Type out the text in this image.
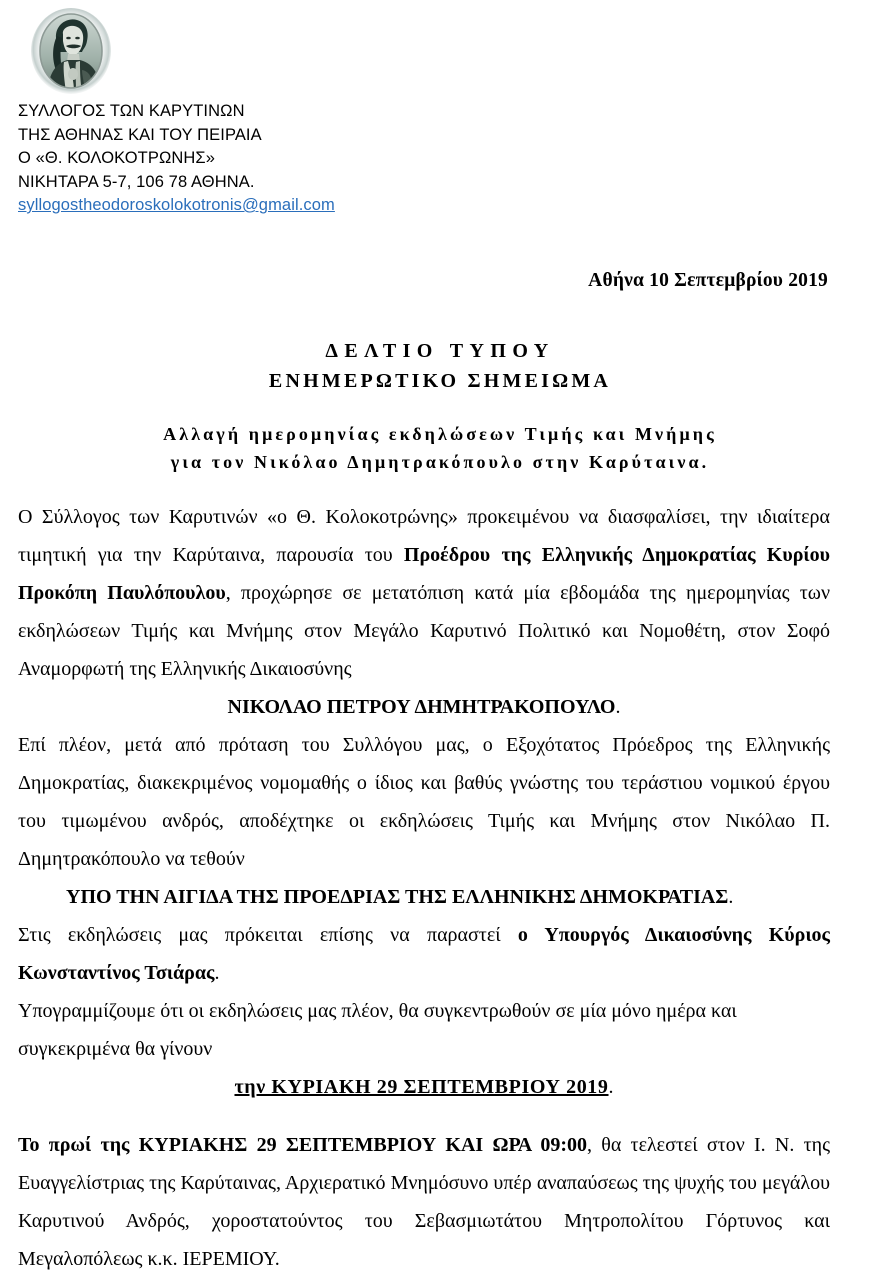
ΣΥΛΛΟΓΟΣ ΤΩΝ ΚΑΡΥΤΙΝΩΝ
ΤΗΣ ΑΘΗΝΑΣ ΚΑΙ ΤΟΥ ΠΕΙΡΑΙΑ
Ο «Θ. ΚΟΛΟΚΟΤΡΩΝΗΣ»
ΝΙΚΗΤΑΡΑ 5-7, 106 78 ΑΘΗΝΑ.
syllogostheodoroskolokotronis@gmail.com
Αθήνα 10 Σεπτεμβρίου 2019
ΔΕΛΤΙΟ ΤΥΠΟΥ
ΕΝΗΜΕΡΩΤΙΚΟ ΣΗΜΕΙΩΜΑ
Αλλαγή ημερομηνίας εκδηλώσεων Τιμής και Μνήμης
για τον Νικόλαο Δημητρακόπουλο στην Καρύταινα.

Ο Σύλλογος των Καρυτινών «ο Θ. Κολοκοτρώνης» προκειμένου να διασφαλίσει, την ιδιαίτερα τιμητική για την Καρύταινα, παρουσία του Προέδρου της Ελληνικής Δημοκρατίας Κυρίου Προκόπη Παυλόπουλου, προχώρησε σε μετατόπιση κατά μία εβδομάδα της ημερομηνίας των εκδηλώσεων Τιμής και Μνήμης στον Μεγάλο Καρυτινό Πολιτικό και Νομοθέτη, στον Σοφό Αναμορφωτή της Ελληνικής Δικαιοσύνης

ΝΙΚΟΛΑΟ ΠΕΤΡΟΥ ΔΗΜΗΤΡΑΚΟΠΟΥΛΟ.

Επί πλέον, μετά από πρόταση του Συλλόγου μας, ο Εξοχότατος Πρόεδρος της Ελληνικής Δημοκρατίας, διακεκριμένος νομομαθής ο ίδιος και βαθύς γνώστης του τεράστιου νομικού έργου του τιμωμένου ανδρός, αποδέχτηκε οι εκδηλώσεις Τιμής και Μνήμης στον Νικόλαο Π. Δημητρακόπουλο να τεθούν

ΥΠΟ ΤΗΝ ΑΙΓΙΔΑ ΤΗΣ ΠΡΟΕΔΡΙΑΣ ΤΗΣ ΕΛΛΗΝΙΚΗΣ ΔΗΜΟΚΡΑΤΙΑΣ.

Στις εκδηλώσεις μας πρόκειται επίσης να παραστεί ο Υπουργός Δικαιοσύνης Κύριος Κωνσταντίνος Τσιάρας.

Υπογραμμίζουμε ότι οι εκδηλώσεις μας πλέον, θα συγκεντρωθούν σε μία μόνο ημέρα και συγκεκριμένα θα γίνουν

την ΚΥΡΙΑΚΗ 29 ΣΕΠΤΕΜΒΡΙΟΥ 2019.

Το πρωί της ΚΥΡΙΑΚΗΣ 29 ΣΕΠΤΕΜΒΡΙΟΥ ΚΑΙ ΩΡΑ 09:00, θα τελεστεί στον Ι. Ν. της Ευαγγελίστριας της Καρύταινας, Αρχιερατικό Μνημόσυνο υπέρ αναπαύσεως της ψυχής του μεγάλου Καρυτινού Ανδρός, χοροστατούντος του Σεβασμιωτάτου Μητροπολίτου Γόρτυνος και Μεγαλοπόλεως κ.κ. ΙΕΡΕΜΙΟΥ.
